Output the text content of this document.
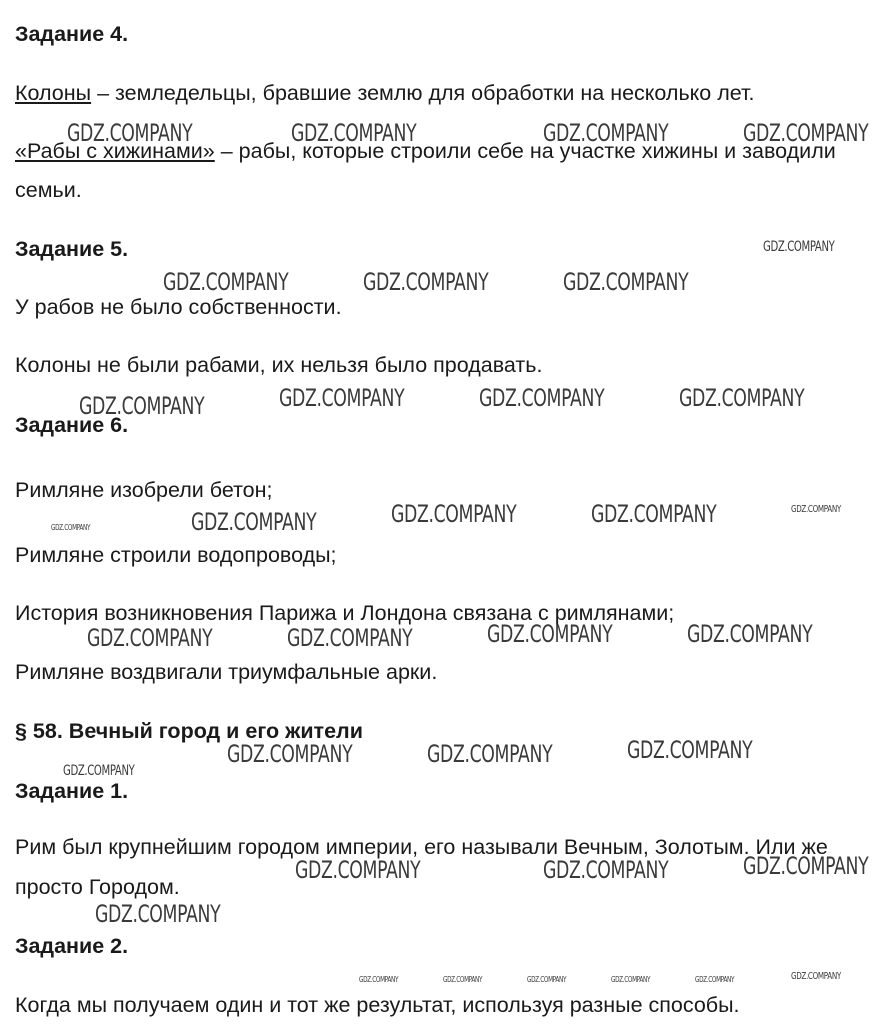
Задание 4.
Колоны – земледельцы, бравшие землю для обработки на несколько лет.
«Рабы с хижинами» – рабы, которые строили себе на участке хижины и заводили
семьи.
Задание 5.
У рабов не было собственности.
Колоны не были рабами, их нельзя было продавать.
Задание 6.
Римляне изобрели бетон;
Римляне строили водопроводы;
История возникновения Парижа и Лондона связана с римлянами;
Римляне воздвигали триумфальные арки.
§ 58. Вечный город и его жители
Задание 1.
Рим был крупнейшим городом империи, его называли Вечным, Золотым. Или же
просто Городом.
Задание 2.
Когда мы получаем один и тот же результат, используя разные способы.
GDZ.COMPANY	GDZ.COMPANY	GDZ.COMPANY	GDZ.COMPANY
GDZ.COMPANY
GDZ.COMPANY	GDZ.COMPANY	GDZ.COMPANY
GDZ.COMPANY	GDZ.COMPANY	GDZ.COMPANY
GDZ.COMPANY
GDZ.COMPANY	GDZ.COMPANY	GDZ.COMPANY
GDZ.COMPANY
GDZ.COMPANY
GDZ.COMPANY	GDZ.COMPANY
GDZ.COMPANY	GDZ.COMPANY
GDZ.COMPANY
GDZ.COMPANY	GDZ.COMPANY
GDZ.COMPANY
GDZ.COMPANY
GDZ.COMPANY	GDZ.COMPANY
GDZ.COMPANY
GDZ.COMPANY
GDZ.COMPANY	GDZ.COMPANY	GDZ.COMPANY	GDZ.COMPANY	GDZ.COMPANY
